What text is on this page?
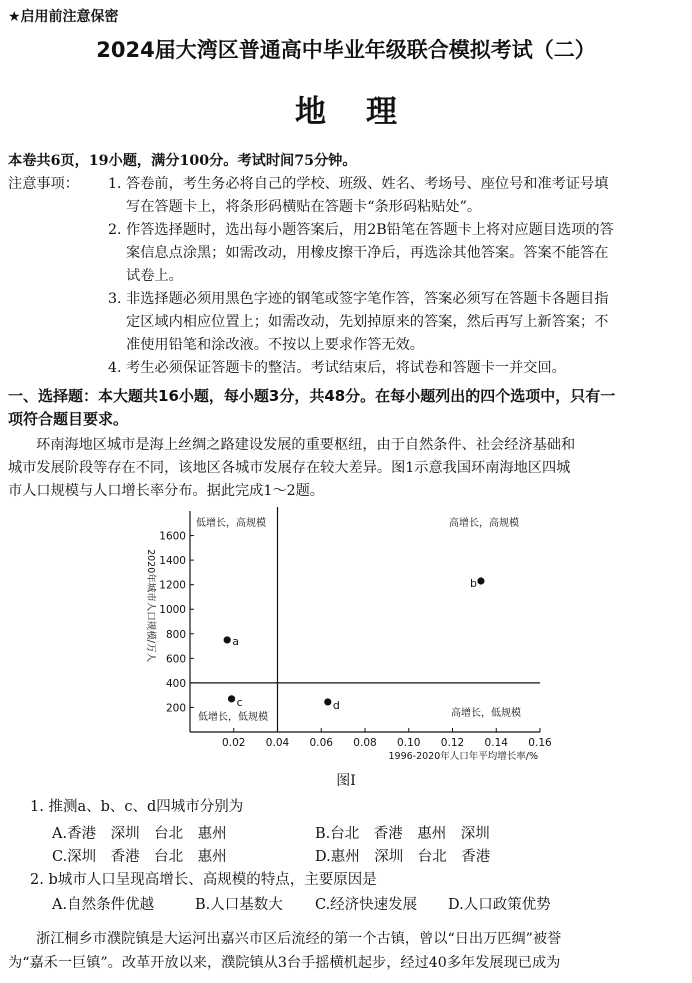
★启用前注意保密
2024届大湾区普通高中毕业年级联合模拟考试（二）
地理
本卷共6页，19小题，满分100分。考试时间75分钟。
注意事项： 1. 答卷前，考生务必将自己的学校、班级、姓名、考场号、座位号和准考证号填
写在答题卡上，将条形码横贴在答题卡“条形码粘贴处”。
2. 作答选择题时，选出每小题答案后，用2B铅笔在答题卡上将对应题目选项的答
案信息点涂黑；如需改动，用橡皮擦干净后，再选涂其他答案。答案不能答在
试卷上。
3. 非选择题必须用黑色字迹的钢笔或签字笔作答，答案必须写在答题卡各题目指
定区域内相应位置上；如需改动，先划掉原来的答案，然后再写上新答案；不
准使用铅笔和涂改液。不按以上要求作答无效。
4. 考生必须保证答题卡的整洁。考试结束后，将试卷和答题卡一并交回。
一、选择题：本大题共16小题，每小题3分，共48分。在每小题列出的四个选项中，只有一
项符合题目要求。
环南海地区城市是海上丝绸之路建设发展的重要枢纽，由于自然条件、社会经济基础和
城市发展阶段等存在不同，该地区各城市发展存在较大差异。图1示意我国环南海地区四城
市人口规模与人口增长率分布。据此完成1～2题。
200
400
600
800
1000
1200
1400
1600
0.02 0.04 0.06 0.08 0.10 0.12 0.14 0.16
1996-2020年人口年平均增长率/%
2020年城市人口规模/万人
低增长，高规模	高增长，高规模
低增长，低规模	高增长，低规模
a
b
c	d
图I
1. 推测a、b、c、d四城市分别为
A.香港　深圳　台北　惠州	B.台北　香港　惠州　深圳
C.深圳　香港　台北　惠州	D.惠州　深圳　台北　香港
2. b城市人口呈现高增长、高规模的特点，主要原因是
A.自然条件优越	B.人口基数大 C.经济快速发展 D.人口政策优势
浙江桐乡市濮院镇是大运河出嘉兴市区后流经的第一个古镇，曾以“日出万匹绸”被誉
为“嘉禾一巨镇”。改革开放以来，濮院镇从3台手摇横机起步，经过40多年发展现已成为
